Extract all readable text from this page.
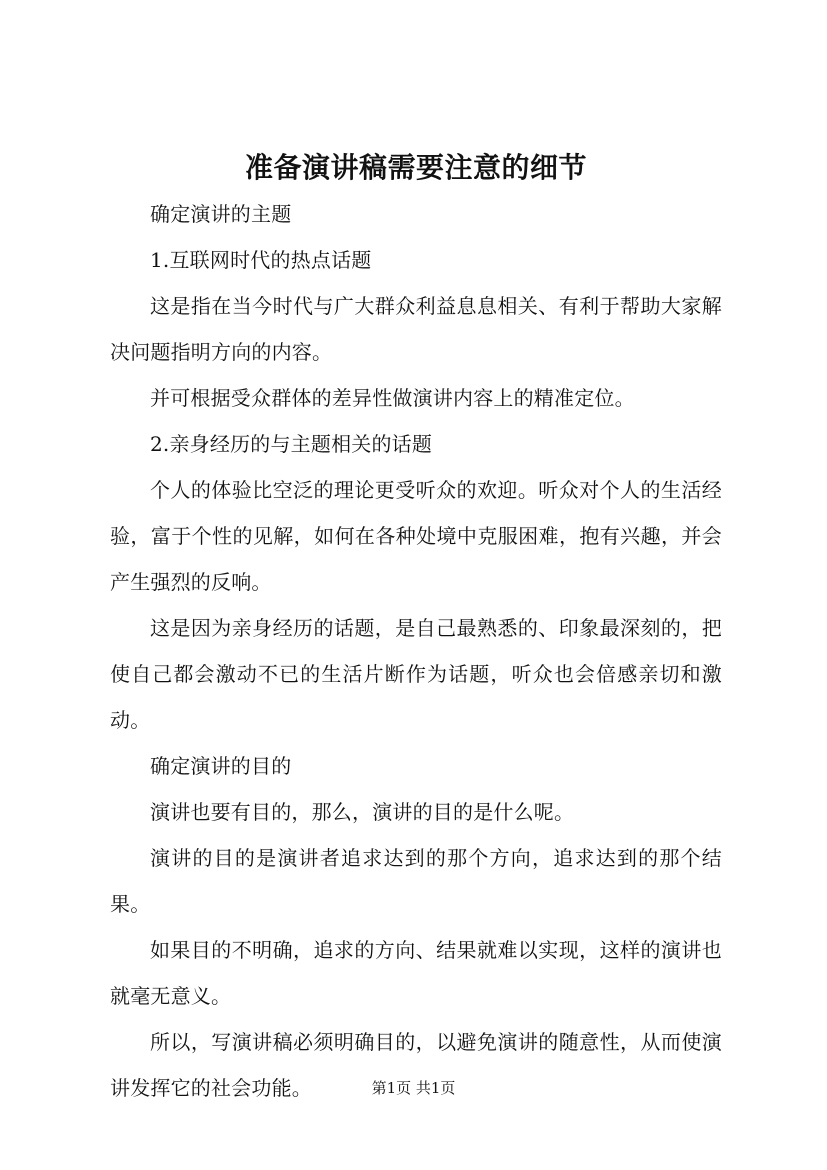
准备演讲稿需要注意的细节

确定演讲的主题

1.互联网时代的热点话题

这是指在当今时代与广大群众利益息息相关、有利于帮助大家解决问题指明方向的内容。

并可根据受众群体的差异性做演讲内容上的精准定位。

2.亲身经历的与主题相关的话题

个人的体验比空泛的理论更受听众的欢迎。听众对个人的生活经验，富于个性的见解，如何在各种处境中克服困难，抱有兴趣，并会产生强烈的反响。

这是因为亲身经历的话题，是自己最熟悉的、印象最深刻的，把使自己都会激动不已的生活片断作为话题，听众也会倍感亲切和激动。

确定演讲的目的

演讲也要有目的，那么，演讲的目的是什么呢。

演讲的目的是演讲者追求达到的那个方向，追求达到的那个结果。

如果目的不明确，追求的方向、结果就难以实现，这样的演讲也就毫无意义。

所以，写演讲稿必须明确目的，以避免演讲的随意性，从而使演讲发挥它的社会功能。	第1页 共1页
